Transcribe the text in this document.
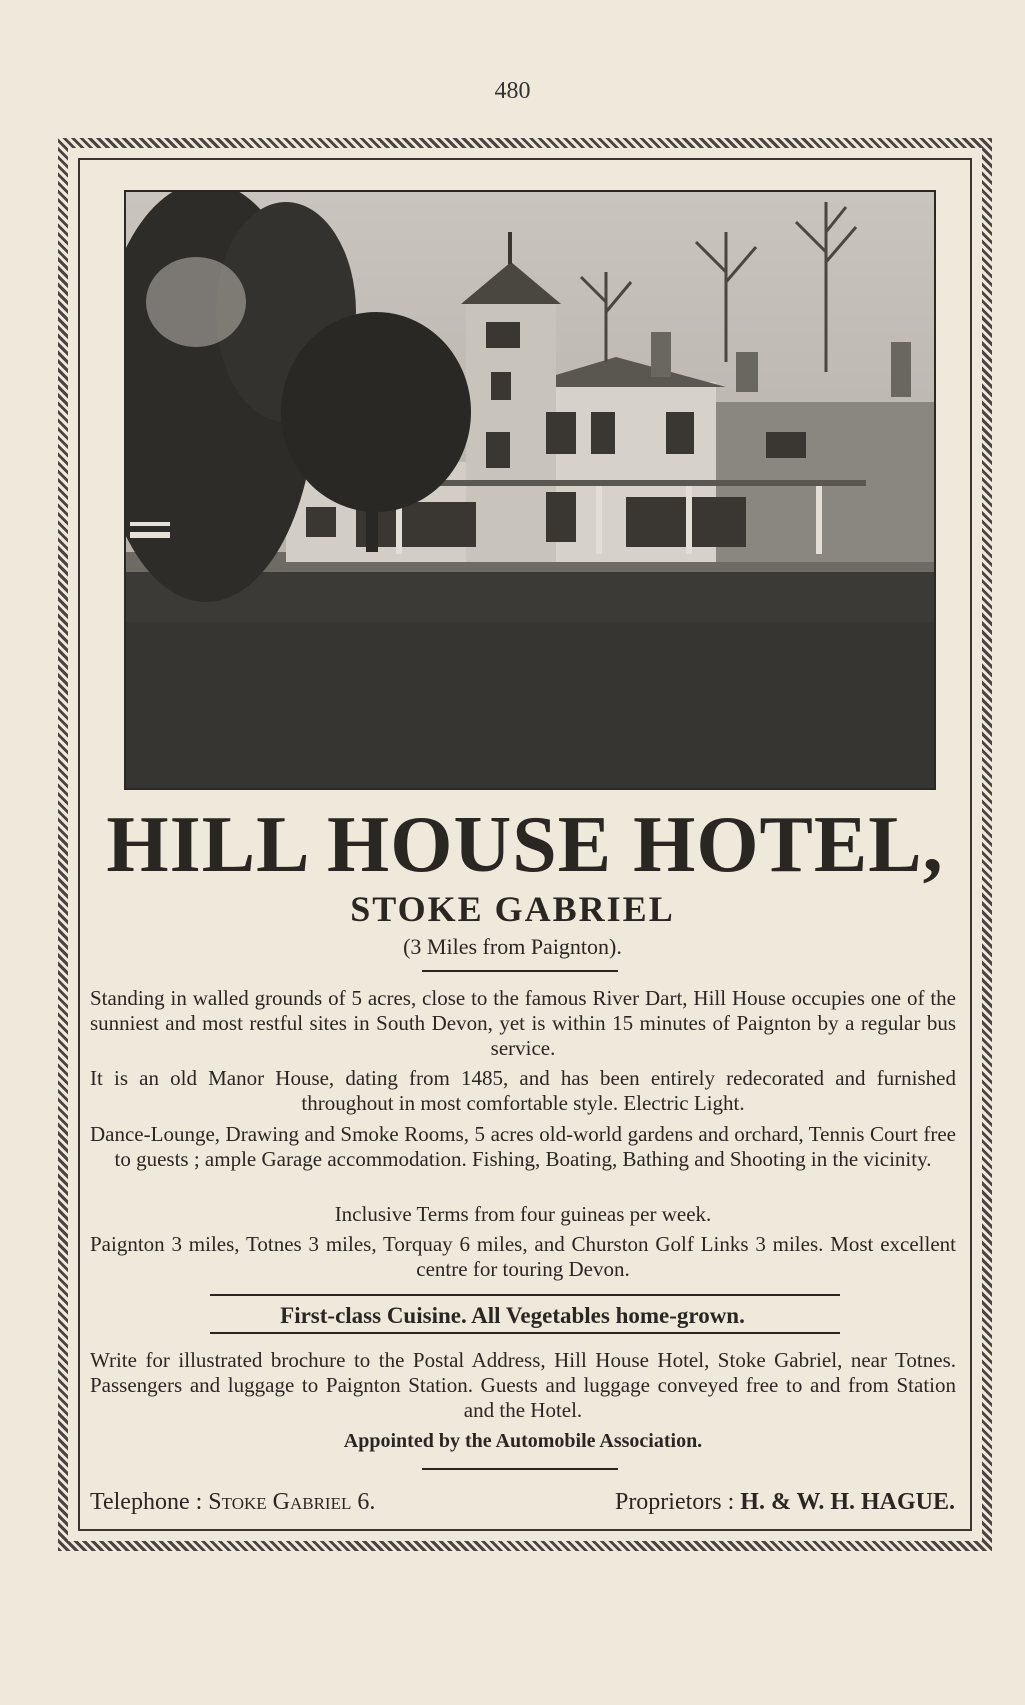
480
HILL HOUSE HOTEL,
STOKE GABRIEL
(3 Miles from Paignton).
Standing in walled grounds of 5 acres, close to the famous River Dart, Hill House occupies one of the sunniest and most restful sites in South Devon, yet is within 15 minutes of Paignton by a regular bus service.
It is an old Manor House, dating from 1485, and has been entirely redecorated and furnished throughout in most comfortable style. Electric Light.
Dance-Lounge, Drawing and Smoke Rooms, 5 acres old-world gardens and orchard, Tennis Court free to guests ; ample Garage accommodation. Fishing, Boating, Bathing and Shooting in the vicinity.
Inclusive Terms from four guineas per week.
Paignton 3 miles, Totnes 3 miles, Torquay 6 miles, and Churston Golf Links 3 miles. Most excellent centre for touring Devon.
First-class Cuisine. All Vegetables home-grown.
Write for illustrated brochure to the Postal Address, Hill House Hotel, Stoke Gabriel, near Totnes. Passengers and luggage to Paignton Station. Guests and luggage conveyed free to and from Station and the Hotel.
Appointed by the Automobile Association.
Telephone : Stoke Gabriel 6.	Proprietors : H. & W. H. HAGUE.
